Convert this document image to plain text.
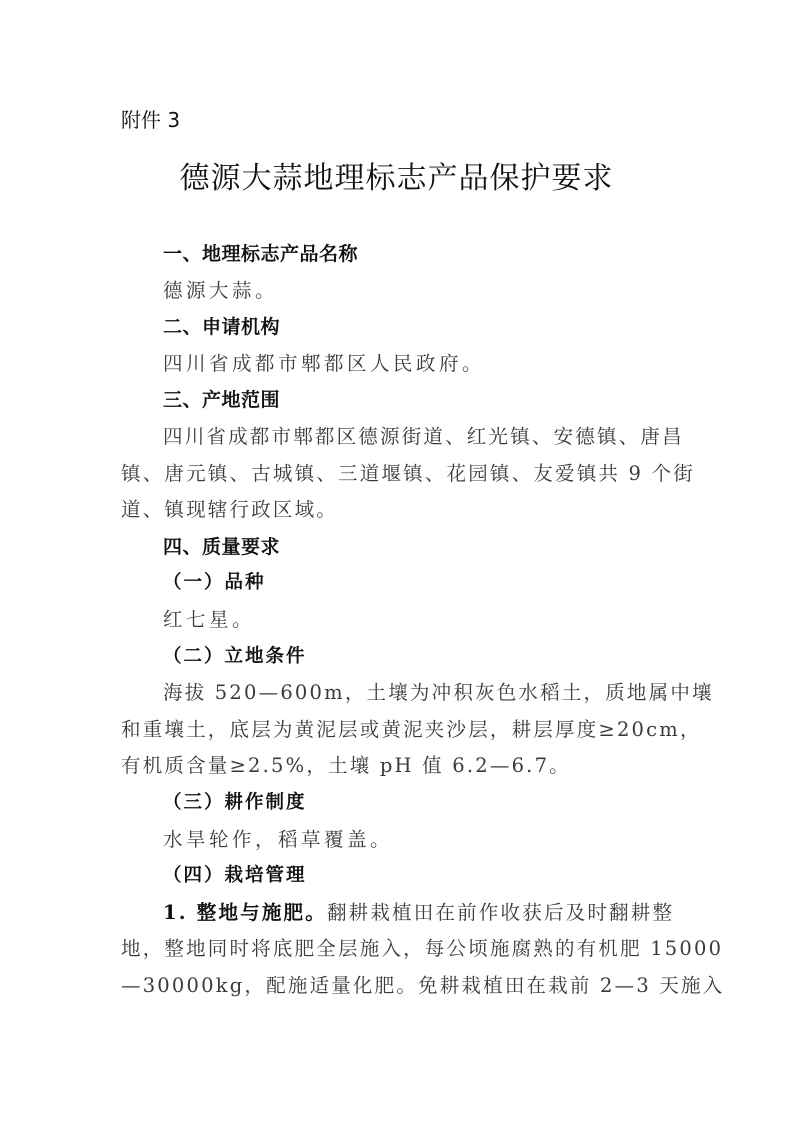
附件 3
德源大蒜地理标志产品保护要求
一、地理标志产品名称
德源大蒜。
二、申请机构
四川省成都市郫都区人民政府。
三、产地范围
四川省成都市郫都区德源街道、红光镇、安德镇、唐昌
镇、唐元镇、古城镇、三道堰镇、花园镇、友爱镇共 9 个街
道、镇现辖行政区域。
四、质量要求
（一）品种
红七星。
（二）立地条件
海拔 520—600m，土壤为冲积灰色水稻土，质地属中壤
和重壤土，底层为黄泥层或黄泥夹沙层，耕层厚度≥20cm，
有机质含量≥2.5%，土壤 pH 值 6.2—6.7。
（三）耕作制度
水旱轮作，稻草覆盖。
（四）栽培管理
1. 整地与施肥。翻耕栽植田在前作收获后及时翻耕整
地，整地同时将底肥全层施入，每公顷施腐熟的有机肥 15000
—30000kg，配施适量化肥。免耕栽植田在栽前 2—3 天施入
